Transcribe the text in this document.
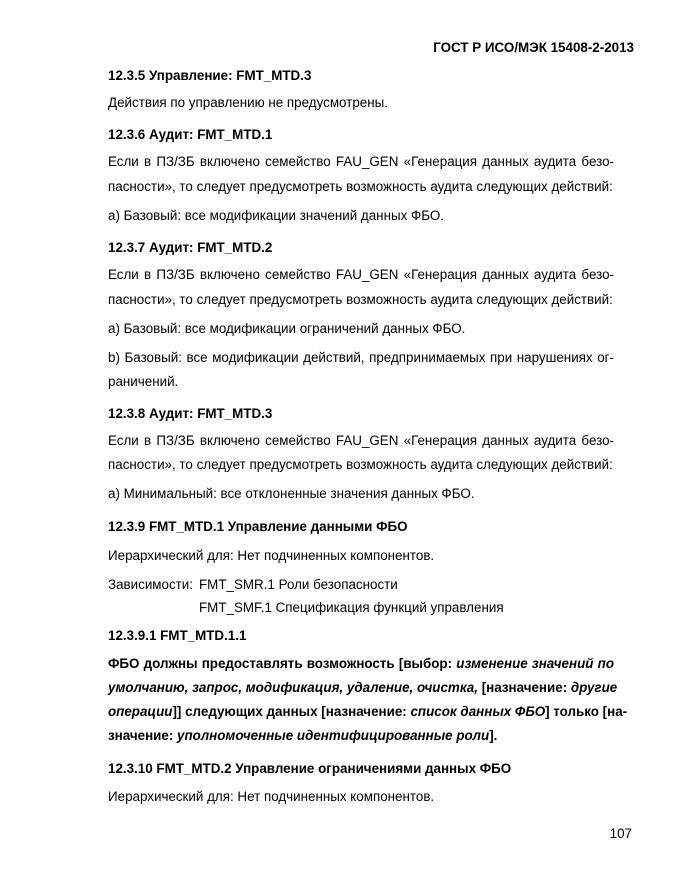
ГОСТ Р ИСО/МЭК 15408-2-2013
12.3.5 Управление: FMT_MTD.3
Действия по управлению не предусмотрены.
12.3.6 Аудит: FMT_MTD.1
Если в ПЗ/ЗБ включено семейство FAU_GEN «Генерация данных аудита безо-
пасности», то следует предусмотреть возможность аудита следующих действий:
a) Базовый: все модификации значений данных ФБО.
12.3.7 Аудит: FMT_MTD.2
Если в ПЗ/ЗБ включено семейство FAU_GEN «Генерация данных аудита безо-
пасности», то следует предусмотреть возможность аудита следующих действий:
a) Базовый: все модификации ограничений данных ФБО.
b) Базовый: все модификации действий, предпринимаемых при нарушениях ог-
раничений.
12.3.8 Аудит: FMT_MTD.3
Если в ПЗ/ЗБ включено семейство FAU_GEN «Генерация данных аудита безо-
пасности», то следует предусмотреть возможность аудита следующих действий:
a) Минимальный: все отклоненные значения данных ФБО.
12.3.9 FMT_MTD.1 Управление данными ФБО
Иерархический для: Нет подчиненных компонентов.
Зависимости: FMT_SMR.1 Роли безопасности
FMT_SMF.1 Спецификация функций управления
12.3.9.1 FMT_MTD.1.1
ФБО должны предоставлять возможность [выбор: изменение значений по
умолчанию, запрос, модификация, удаление, очистка, [назначение: другие
операции]] следующих данных [назначение: список данных ФБО] только [на-
значение: уполномоченные идентифицированные роли].
12.3.10 FMT_MTD.2 Управление ограничениями данных ФБО
Иерархический для: Нет подчиненных компонентов.
107
